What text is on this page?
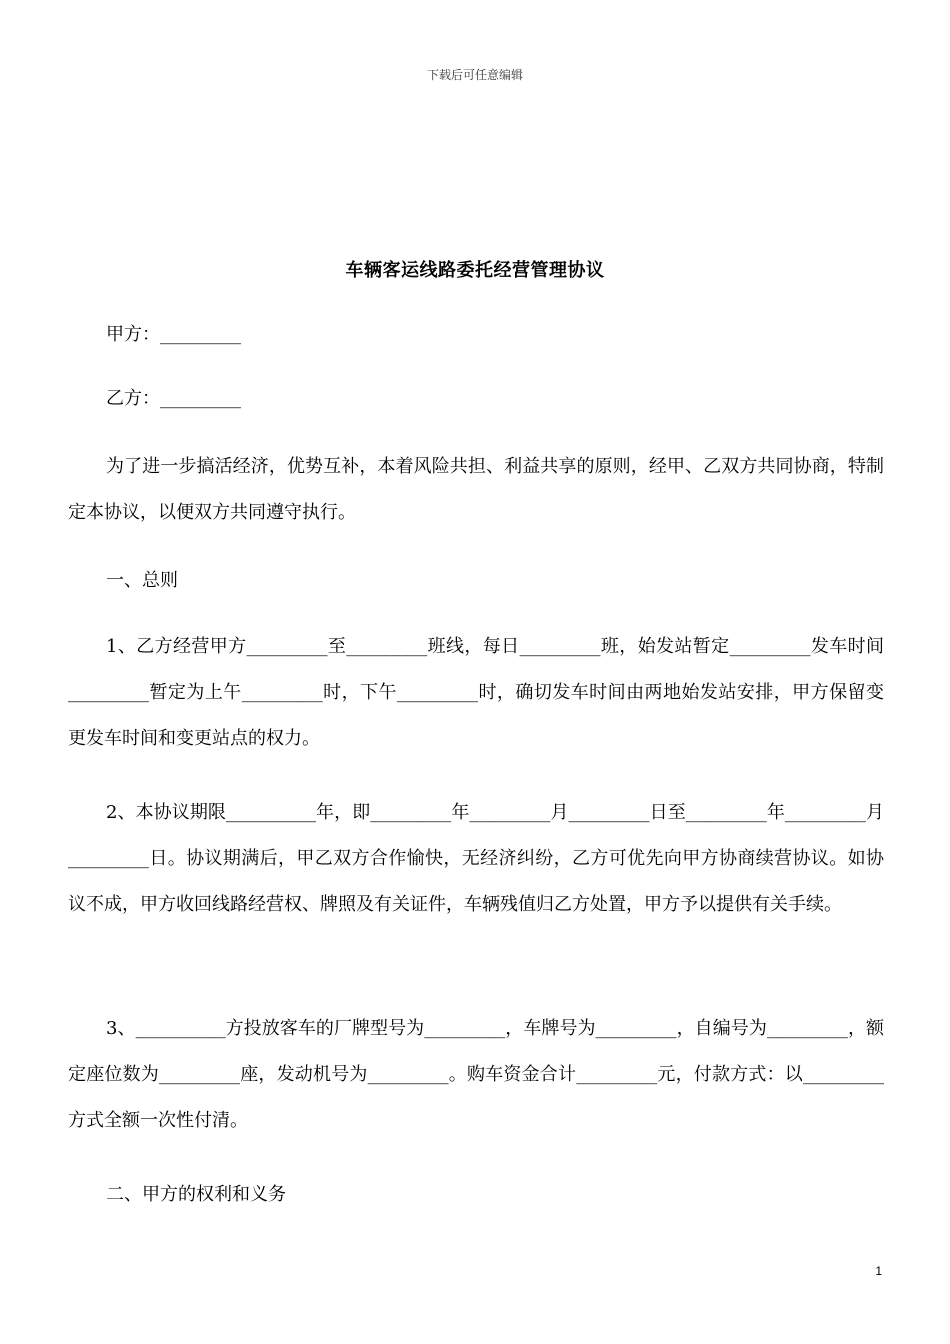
下载后可任意编辑
车辆客运线路委托经营管理协议
甲方：_________
乙方：_________
为了进一步搞活经济，优势互补，本着风险共担、利益共享的原则，经甲、乙双方共同协商，特制定本协议，以便双方共同遵守执行。
一、总则
1、乙方经营甲方_________至_________班线，每日_________班，始发站暂定_________发车时间_________暂定为上午_________时，下午_________时，确切发车时间由两地始发站安排，甲方保留变更发车时间和变更站点的权力。
2、本协议期限__________年，即_________年_________月_________日至_________年_________月_________日。协议期满后，甲乙双方合作愉快，无经济纠纷，乙方可优先向甲方协商续营协议。如协议不成，甲方收回线路经营权、牌照及有关证件，车辆残值归乙方处置，甲方予以提供有关手续。
3、__________方投放客车的厂牌型号为_________，车牌号为_________，自编号为_________，额定座位数为_________座，发动机号为_________。购车资金合计_________元，付款方式：以_________方式全额一次性付清。
二、甲方的权利和义务
1
